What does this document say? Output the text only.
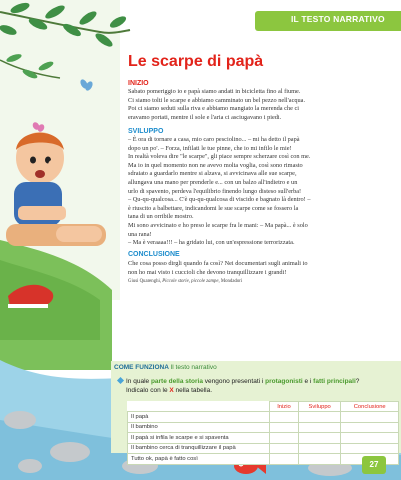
IL TESTO NARRATIVO
Le scarpe di papà
INIZIO
Sabato pomeriggio io e papà siamo andati in bicicletta fino al fiume.
Ci siamo tolti le scarpe e abbiamo camminato un bel pezzo nell'acqua.
Poi ci siamo seduti sulla riva e abbiamo mangiato la merenda che ci
eravamo portati, mentre il sole e l'aria ci asciugavano i piedi.
SVILUPPO
– È ora di tornare a casa, mio caro pesciolino... – mi ha detto il papà
dopo un po'. – Forza, infilati le tue pinne, che io mi infilo le mie!
In realtà voleva dire "le scarpe", gli piace sempre scherzare così con me.
Ma io in quel momento non ne avevo molta voglia, così sono rimasto
sdraiato a guardarlo mentre si alzava, si avvicinava alle sue scarpe,
allungava una mano per prenderle e... con un balzo all'indietro e un
urlo di spavento, perdeva l'equilibrio finendo lungo disteso sull'erba!
– Qu-qu-qualcosa... C'è qu-qu-qualcosa di viscido e bagnato là dentro! –
è riuscito a balbettare, indicandomi le sue scarpe come se fossero la
tana di un orribile mostro.
Mi sono avvicinato e ho preso le scarpe fra le mani: – Ma papà... è solo
una rana!
– Ma è veraaaa!!! – ha gridato lui, con un'espressione terrorizzata.
CONCLUSIONE
Che cosa posso dirgli quando fa così? Nei documentari sugli animali io
non ho mai visto i cuccioli che devono tranquillizzare i grandi!
Giusi Quarenghi, Piccole storie, piccole zampe, Mondadori
COME FUNZIONA Il testo narrativo
In quale parte della storia vengono presentati i protagonisti e i fatti principali?
Indicalo con le X nella tabella.
	Inizio	Sviluppo	Conclusione
Il papà			
Il bambino			
Il papà si infila le scarpe e si spaventa			
Il bambino cerca di tranquillizzare il papà			
Tutto ok, papà è fatto così			
27
